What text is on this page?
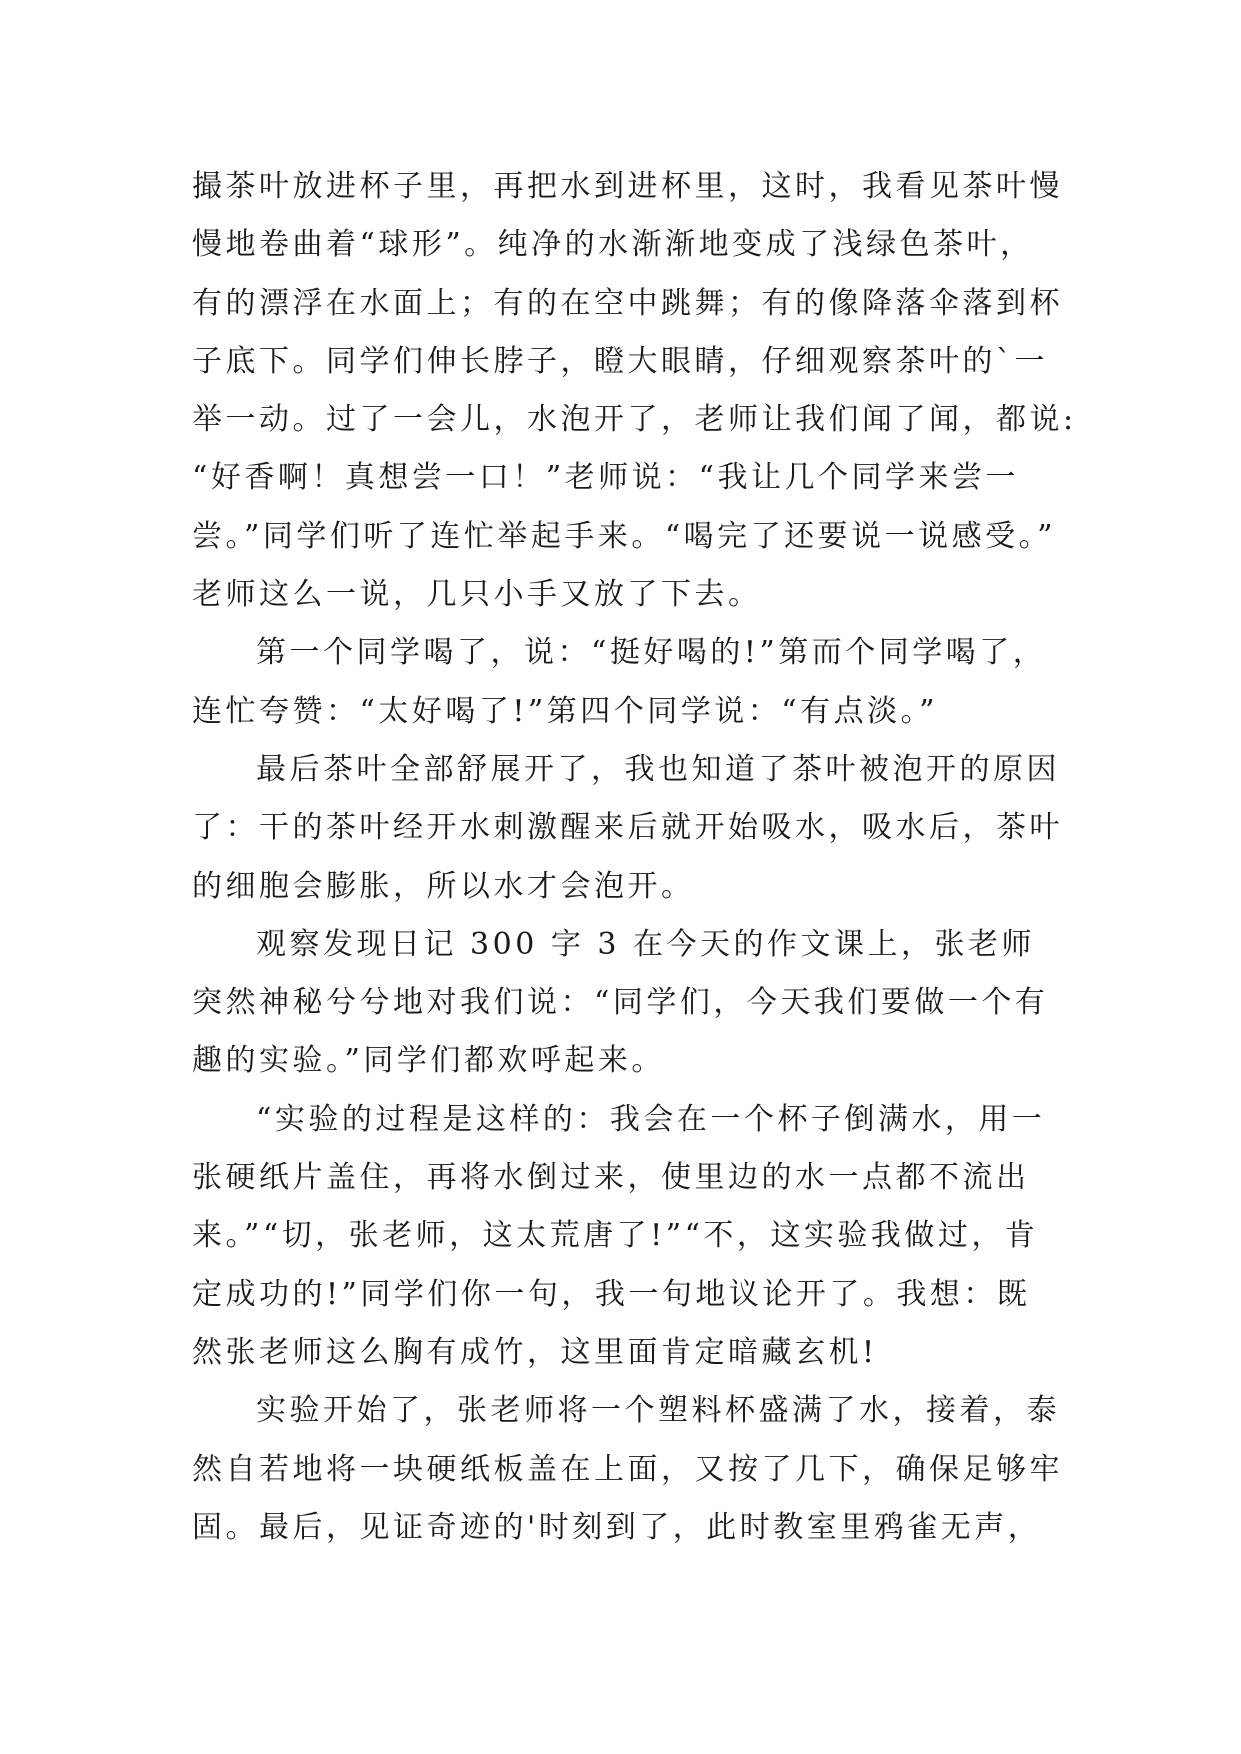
撮茶叶放进杯子里，再把水到进杯里，这时，我看见茶叶慢
慢地卷曲着“球形”。纯净的水渐渐地变成了浅绿色茶叶，
有的漂浮在水面上；有的在空中跳舞；有的像降落伞落到杯
子底下。同学们伸长脖子，瞪大眼睛，仔细观察茶叶的`一
举一动。过了一会儿，水泡开了，老师让我们闻了闻，都说:
“好香啊！真想尝一口！”老师说：“我让几个同学来尝一
尝。”同学们听了连忙举起手来。“喝完了还要说一说感受。”
老师这么一说，几只小手又放了下去。
第一个同学喝了，说：“挺好喝的!”第而个同学喝了，
连忙夸赞：“太好喝了!”第四个同学说：“有点淡。”
最后茶叶全部舒展开了，我也知道了茶叶被泡开的原因
了：干的茶叶经开水刺激醒来后就开始吸水，吸水后，茶叶
的细胞会膨胀，所以水才会泡开。
观察发现日记 300 字 3 在今天的作文课上，张老师
突然神秘兮兮地对我们说：“同学们，今天我们要做一个有
趣的实验。”同学们都欢呼起来。
“实验的过程是这样的：我会在一个杯子倒满水，用一
张硬纸片盖住，再将水倒过来，使里边的水一点都不流出
来。”“切，张老师，这太荒唐了!”“不，这实验我做过，肯
定成功的!”同学们你一句，我一句地议论开了。我想：既
然张老师这么胸有成竹，这里面肯定暗藏玄机!
实验开始了，张老师将一个塑料杯盛满了水，接着，泰
然自若地将一块硬纸板盖在上面，又按了几下，确保足够牢
固。最后，见证奇迹的'时刻到了，此时教室里鸦雀无声，
